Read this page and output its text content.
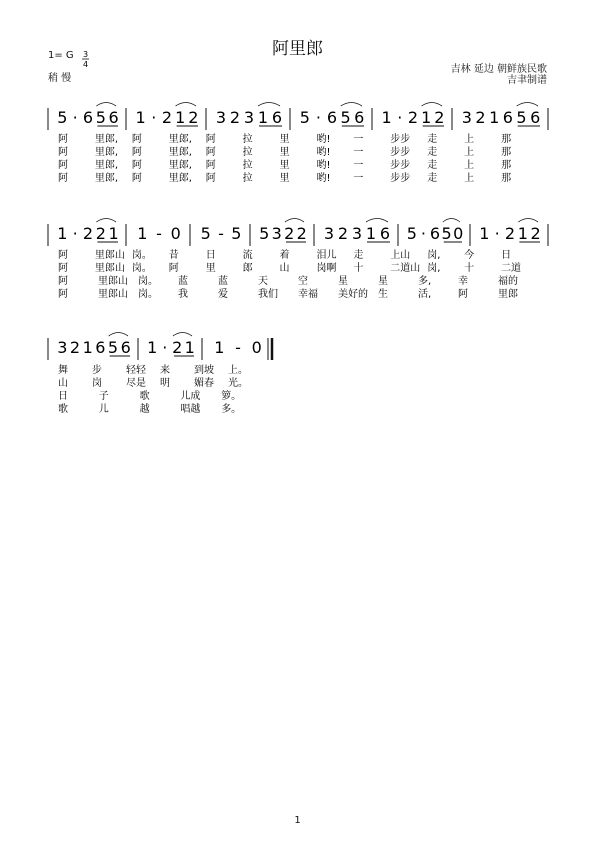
阿里郎
1= G
稍 慢
吉林 延边 朝鲜族民歌
吉聿制谱
1
3
4
5 · 6 5 6 1 · 2 1 2 3 2 3 1 6 5 · 6 5 6 1 · 2 1 2 3 2 1 6 5 6
阿	里郎, 阿	里郎, 阿	拉	里	哟! 一	步步 走	上	那
阿	里郎, 阿	里郎, 阿	拉	里	哟! 一	步步 走	上	那
阿	里郎, 阿	里郎, 阿	拉	里	哟! 一	步步 走	上	那
阿	里郎, 阿	里郎, 阿	拉	里	哟! 一	步步 走	上	那
1 · 2 2 1 1 - 0 5 - 5 5 3 2 2 3 2 3 1 6 5 · 6 5 0 1 · 2 1 2
阿	里郎山 岗。 昔	日	流	着	泪儿 走	上山 岗, 今	日
阿	里郎山 岗。 阿	里	郎	山	岗啊 十	二道山 岗, 十	二道
阿	里郎山 岗。 蓝	蓝	天	空	星	星	多,	幸	福的
阿	里郎山 岗。 我	爱	我们 幸福 美好的 生	活,	阿	里郎
3 2 1 6 5 6 1 · 2 1 1 - 0
舞 步 轻轻 来 到坡 上。
山 岗 尽是 明 媚春 光。
日	子	歌	儿成 箩。
歌	儿	越	唱越 多。
